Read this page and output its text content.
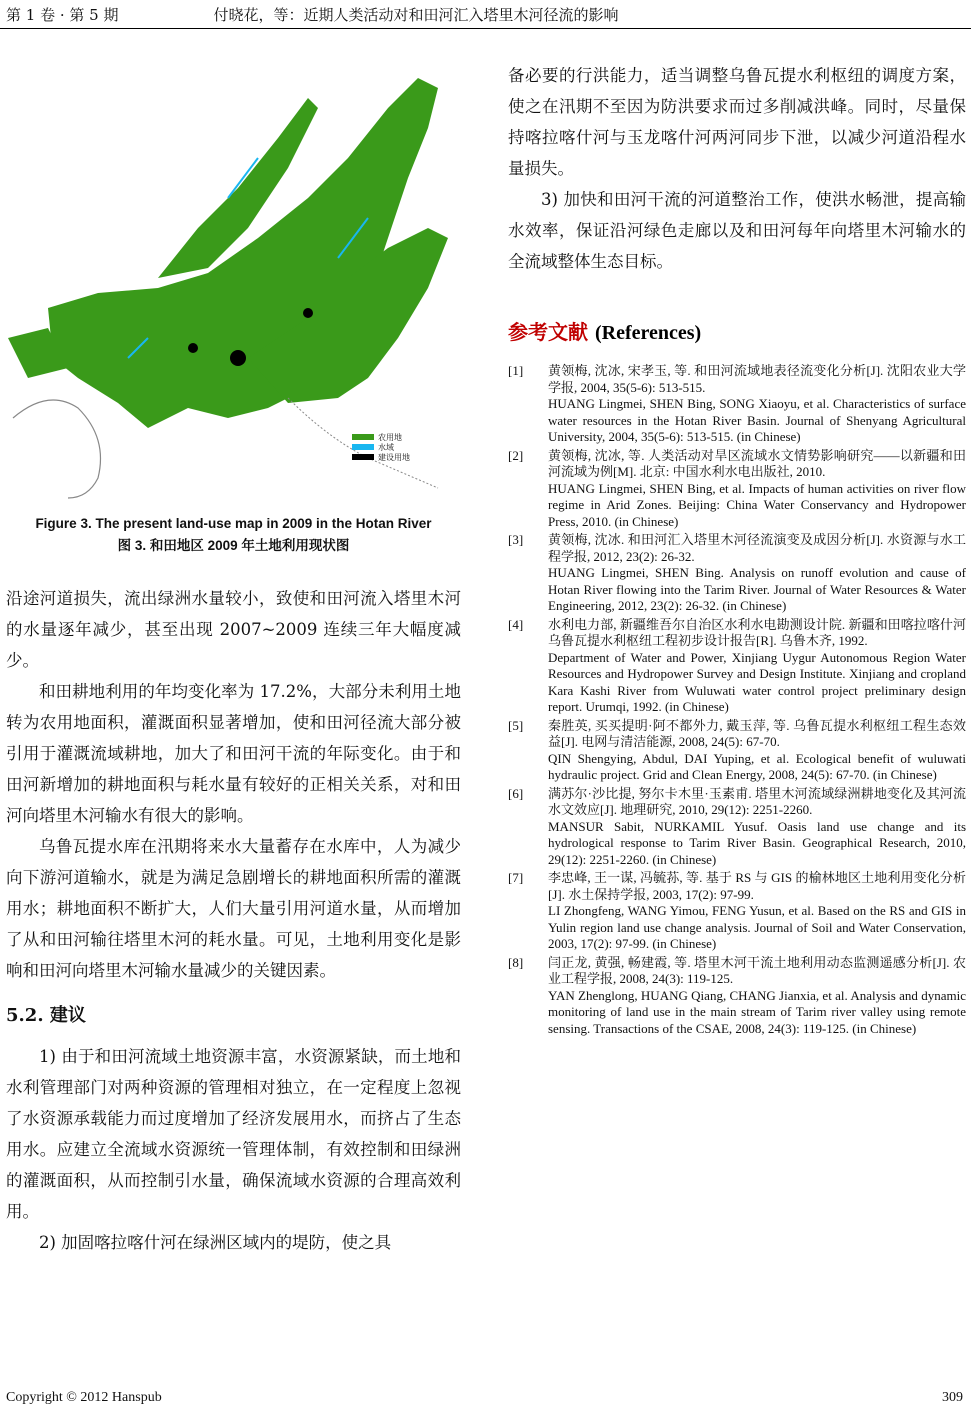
第 1 卷 · 第 5 期	付晓花，等：近期人类活动对和田河汇入塔里木河径流的影响
农用地
水域
建设用地
Figure 3. The present land-use map in 2009 in the Hotan River
图 3. 和田地区 2009 年土地利用现状图

沿途河道损失，流出绿洲水量较小，致使和田河流入塔里木河的水量逐年减少，甚至出现 2007~2009 连续三年大幅度减少。

和田耕地利用的年均变化率为 17.2%，大部分未利用土地转为农用地面积，灌溉面积显著增加，使和田河径流大部分被引用于灌溉流域耕地，加大了和田河干流的年际变化。由于和田河新增加的耕地面积与耗水量有较好的正相关关系，对和田河向塔里木河输水有很大的影响。

乌鲁瓦提水库在汛期将来水大量蓄存在水库中，人为减少向下游河道输水，就是为满足急剧增长的耕地面积所需的灌溉用水；耕地面积不断扩大，人们大量引用河道水量，从而增加了从和田河输往塔里木河的耗水量。可见，土地利用变化是影响和田河向塔里木河输水量减少的关键因素。

5.2. 建议

1) 由于和田河流域土地资源丰富，水资源紧缺，而土地和水利管理部门对两种资源的管理相对独立，在一定程度上忽视了水资源承载能力而过度增加了经济发展用水，而挤占了生态用水。应建立全流域水资源统一管理体制，有效控制和田绿洲的灌溉面积，从而控制引水量，确保流域水资源的合理高效利用。

2) 加固喀拉喀什河在绿洲区域内的堤防，使之具

备必要的行洪能力，适当调整乌鲁瓦提水利枢纽的调度方案，使之在汛期不至因为防洪要求而过多削减洪峰。同时，尽量保持喀拉喀什河与玉龙喀什河两河同步下泄，以减少河道沿程水量损失。

3) 加快和田河干流的河道整治工作，使洪水畅泄，提高输水效率，保证沿河绿色走廊以及和田河每年向塔里木河输水的全流域整体生态目标。

参考文献 (References)
[1]	黄领梅, 沈冰, 宋孝玉, 等. 和田河流域地表径流变化分析[J]. 沈阳农业大学学报, 2004, 35(5-6): 513-515.
HUANG Lingmei, SHEN Bing, SONG Xiaoyu, et al. Characteristics of surface water resources in the Hotan River Basin. Journal of Shenyang Agricultural University, 2004, 35(5-6): 513-515. (in Chinese)
[2]	黄领梅, 沈冰, 等. 人类活动对旱区流域水文情势影响研究——以新疆和田河流域为例[M]. 北京: 中国水利水电出版社, 2010.
HUANG Lingmei, SHEN Bing, et al. Impacts of human activities on river flow regime in Arid Zones. Beijing: China Water Conservancy and Hydropower Press, 2010. (in Chinese)
[3]	黄领梅, 沈冰. 和田河汇入塔里木河径流演变及成因分析[J]. 水资源与水工程学报, 2012, 23(2): 26-32.
HUANG Lingmei, SHEN Bing. Analysis on runoff evolution and cause of Hotan River flowing into the Tarim River. Journal of Water Resources & Water Engineering, 2012, 23(2): 26-32. (in Chinese)
[4]	水利电力部, 新疆维吾尔自治区水利水电勘测设计院. 新疆和田喀拉喀什河乌鲁瓦提水利枢纽工程初步设计报告[R]. 乌鲁木齐, 1992.
Department of Water and Power, Xinjiang Uygur Autonomous Region Water Resources and Hydropower Survey and Design Institute. Xinjiang and cropland Kara Kashi River from Wuluwati water control project preliminary design report. Urumqi, 1992. (in Chinese)
[5]	秦胜英, 买买提明·阿不都外力, 戴玉萍, 等. 乌鲁瓦提水利枢纽工程生态效益[J]. 电网与清洁能源, 2008, 24(5): 67-70.
QIN Shengying, Abdul, DAI Yuping, et al. Ecological benefit of wuluwati hydraulic project. Grid and Clean Energy, 2008, 24(5): 67-70. (in Chinese)
[6]	满苏尔·沙比提, 努尔卡木里·玉素甫. 塔里木河流域绿洲耕地变化及其河流水文效应[J]. 地理研究, 2010, 29(12): 2251-2260.
MANSUR Sabit, NURKAMIL Yusuf. Oasis land use change and its hydrological response to Tarim River Basin. Geographical Research, 2010, 29(12): 2251-2260. (in Chinese)
[7]	李忠峰, 王一谋, 冯毓荪, 等. 基于 RS 与 GIS 的榆林地区土地利用变化分析[J]. 水土保持学报, 2003, 17(2): 97-99.
LI Zhongfeng, WANG Yimou, FENG Yusun, et al. Based on the RS and GIS in Yulin region land use change analysis. Journal of Soil and Water Conservation, 2003, 17(2): 97-99. (in Chinese)
[8]	闫正龙, 黄强, 畅建霞, 等. 塔里木河干流土地利用动态监测遥感分析[J]. 农业工程学报, 2008, 24(3): 119-125.
YAN Zhenglong, HUANG Qiang, CHANG Jianxia, et al. Analysis and dynamic monitoring of land use in the main stream of Tarim river valley using remote sensing. Transactions of the CSAE, 2008, 24(3): 119-125. (in Chinese)
Copyright © 2012 Hanspub	309
